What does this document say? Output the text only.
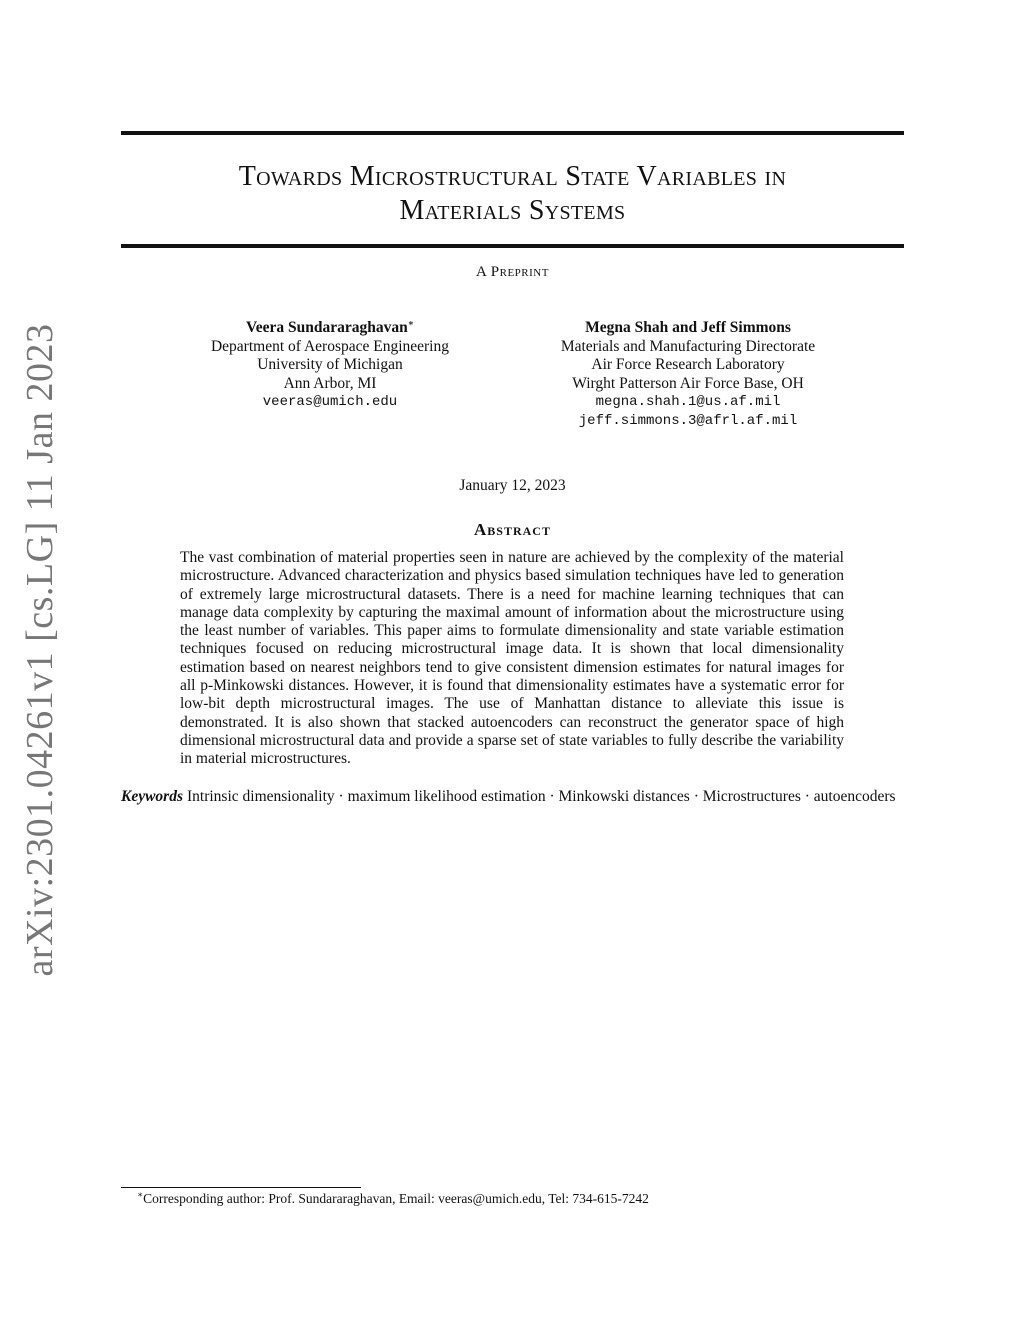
arXiv:2301.04261v1 [cs.LG] 11 Jan 2023
Towards Microstructural State Variables in
Materials Systems
A Preprint
Veera Sundararaghavan∗
Department of Aerospace Engineering
University of Michigan
Ann Arbor, MI
veeras@umich.edu
Megna Shah and Jeff Simmons
Materials and Manufacturing Directorate
Air Force Research Laboratory
Wirght Patterson Air Force Base, OH
megna.shah.1@us.af.mil
jeff.simmons.3@afrl.af.mil
January 12, 2023
Abstract
The vast combination of material properties seen in nature are achieved by the complexity of the material microstructure. Advanced characterization and physics based simulation techniques have led to generation of extremely large microstructural datasets. There is a need for machine learning techniques that can manage data complexity by capturing the maximal amount of information about the microstructure using the least number of variables. This paper aims to formulate dimensionality and state variable estimation techniques focused on reducing microstructural image data. It is shown that local dimensionality estimation based on nearest neighbors tend to give consistent dimension estimates for natural images for all p-Minkowski distances. However, it is found that dimensionality estimates have a systematic error for low-bit depth microstructural images. The use of Manhattan distance to alleviate this issue is demonstrated. It is also shown that stacked autoencoders can reconstruct the generator space of high dimensional microstructural data and provide a sparse set of state variables to fully describe the variability in material microstructures.
Keywords Intrinsic dimensionality · maximum likelihood estimation · Minkowski distances · Microstructures · autoencoders
∗Corresponding author: Prof. Sundararaghavan, Email: veeras@umich.edu, Tel: 734-615-7242
